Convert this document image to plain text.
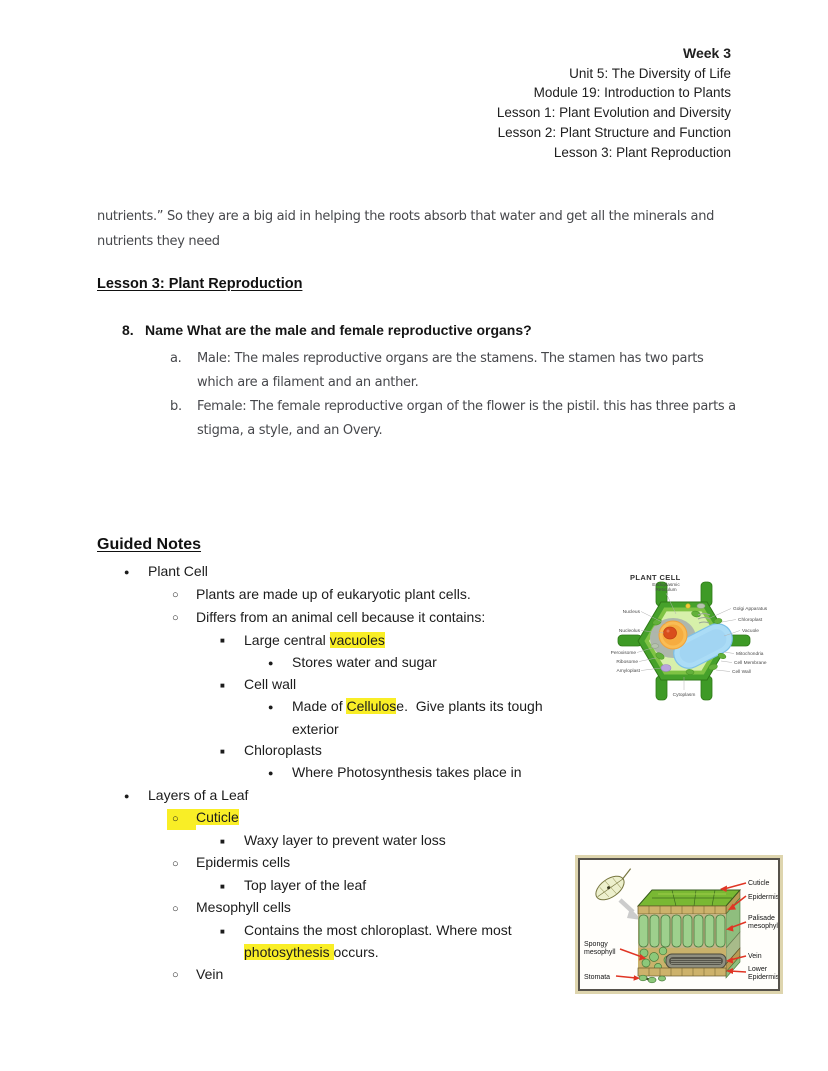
Week 3
Unit 5: The Diversity of Life
Module 19: Introduction to Plants
Lesson 1: Plant Evolution and Diversity
Lesson 2: Plant Structure and Function
Lesson 3: Plant Reproduction
nutrients.” So they are a big aid in helping the roots absorb that water and get all the minerals and nutrients they need
Lesson 3: Plant Reproduction
8. Name What are the male and female reproductive organs?
a. Male: The males reproductive organs are the stamens. The stamen has two parts which are a filament and an anther.
b. Female: The female reproductive organ of the flower is the pistil. this has three parts a stigma, a style, and an Overy.
Guided Notes
● Plant Cell
○ Plants are made up of eukaryotic plant cells.
○ Differs from an animal cell because it contains:
■ Large central vacuoles
● Stores water and sugar
■ Cell wall
● Made of Cellulose.  Give plants its tough exterior
■ Chloroplasts
● Where Photosynthesis takes place in
● Layers of a Leaf
○ Cuticle
■ Waxy layer to prevent water loss
○ Epidermis cells
■ Top layer of the leaf
○ Mesophyll cells
■ Contains the most chloroplast. Where most photosythesis occurs.
○ Vein
PLANT CELL
Nucleus
Nucleolus
Peroxisome
Ribosome
Amyloplast
Endoplasmic
Reticulum
Golgi Apparatus
Chloroplast
Vacuole
Mitochondria
Cell Membrane
Cell Wall
Cytoplasm
Cuticle
Epidermis
Palisade
mesophyll
Vein
Lower
Epidermis
Spongy
mesophyll
Stomata
